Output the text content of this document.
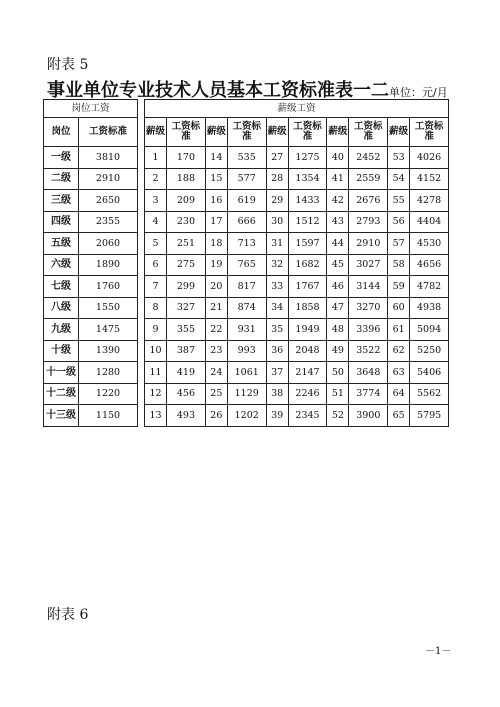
附表 5
事业单位专业技术人员基本工资标准表一二单位：元/月
岗位工资	
岗位	工资标准
一级	3810
二级	2910
三级	2650
四级	2355
五级	2060
六级	1890
七级	1760
八级	1550
九级	1475
十级	1390
十一级	1280
十二级	1220
十三级	1150
薪级工资									
薪级	工资标准	薪级	工资标准	薪级	工资标准	薪级	工资标准	薪级	工资标准
1	170	14	535	27	1275	40	2452	53	4026
2	188	15	577	28	1354	41	2559	54	4152
3	209	16	619	29	1433	42	2676	55	4278
4	230	17	666	30	1512	43	2793	56	4404
5	251	18	713	31	1597	44	2910	57	4530
6	275	19	765	32	1682	45	3027	58	4656
7	299	20	817	33	1767	46	3144	59	4782
8	327	21	874	34	1858	47	3270	60	4938
9	355	22	931	35	1949	48	3396	61	5094
10	387	23	993	36	2048	49	3522	62	5250
11	419	24	1061	37	2147	50	3648	63	5406
12	456	25	1129	38	2246	51	3774	64	5562
13	493	26	1202	39	2345	52	3900	65	5795
附表 6
－1－
